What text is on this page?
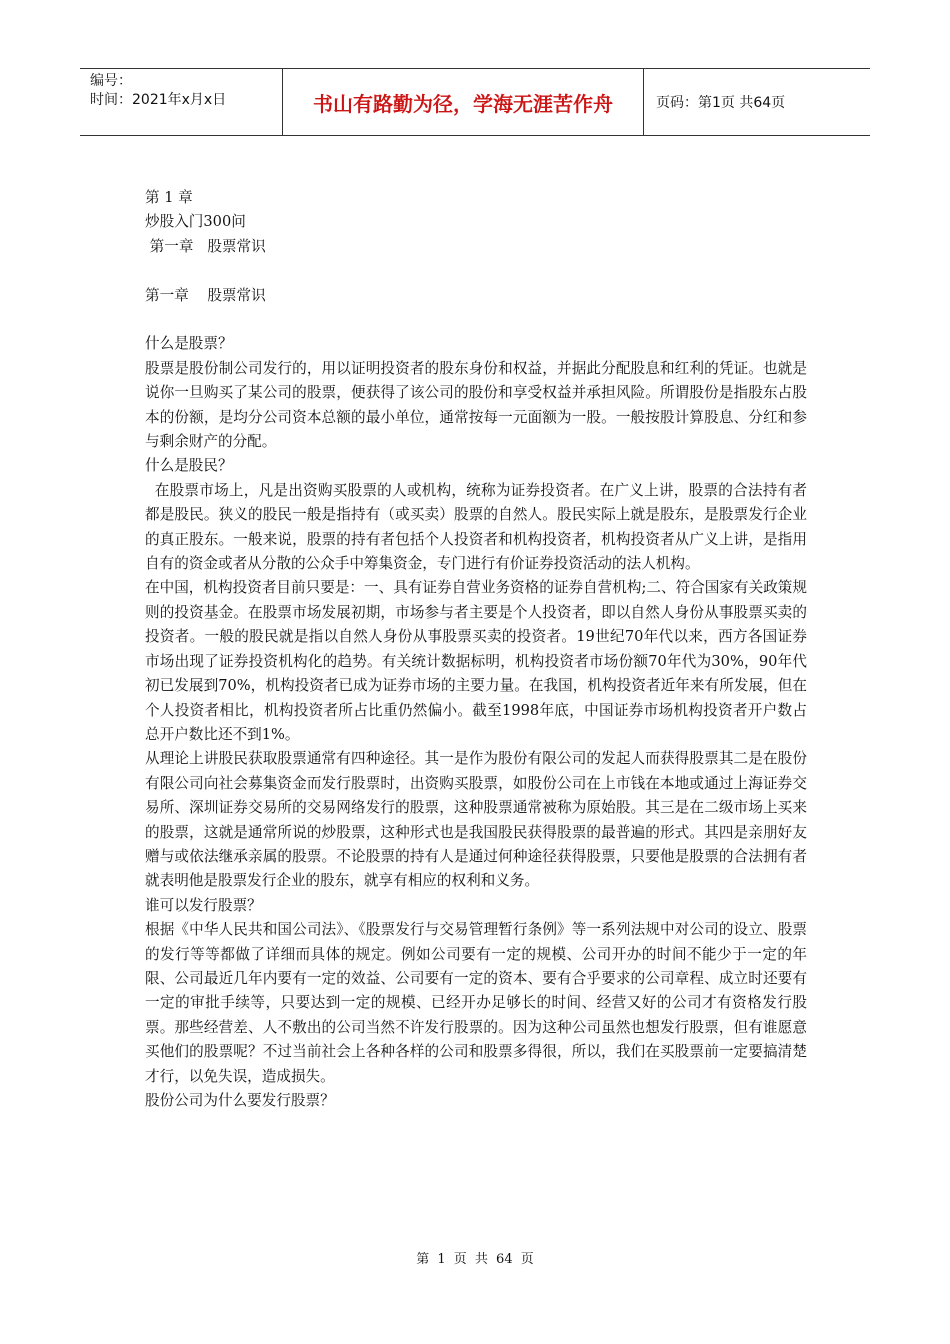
编号：
时间：2021年x月x日	书山有路勤为径，学海无涯苦作舟	页码：第1页 共64页

第 1 章

炒股入门300问

第一章   股票常识

第一章    股票常识

什么是股票？

股票是股份制公司发行的，用以证明投资者的股东身份和权益，并据此分配股息和红利的凭证。也就是说你一旦购买了某公司的股票，便获得了该公司的股份和享受权益并承担风险。所谓股份是指股东占股本的份额，是均分公司资本总额的最小单位，通常按每一元面额为一股。一般按股计算股息、分红和参与剩余财产的分配。

什么是股民？

在股票市场上，凡是出资购买股票的人或机构，统称为证券投资者。在广义上讲，股票的合法持有者都是股民。狭义的股民一般是指持有（或买卖）股票的自然人。股民实际上就是股东，是股票发行企业的真正股东。一般来说，股票的持有者包括个人投资者和机构投资者，机构投资者从广义上讲，是指用自有的资金或者从分散的公众手中筹集资金，专门进行有价证券投资活动的法人机构。

在中国，机构投资者目前只要是：一、具有证券自营业务资格的证券自营机构;二、符合国家有关政策规则的投资基金。在股票市场发展初期，市场参与者主要是个人投资者，即以自然人身份从事股票买卖的投资者。一般的股民就是指以自然人身份从事股票买卖的投资者。19世纪70年代以来，西方各国证券市场出现了证券投资机构化的趋势。有关统计数据标明，机构投资者市场份额70年代为30%，90年代初已发展到70%，机构投资者已成为证券市场的主要力量。在我国，机构投资者近年来有所发展，但在个人投资者相比，机构投资者所占比重仍然偏小。截至1998年底，中国证券市场机构投资者开户数占总开户数比还不到1%。

从理论上讲股民获取股票通常有四种途径。其一是作为股份有限公司的发起人而获得股票其二是在股份有限公司向社会募集资金而发行股票时，出资购买股票，如股份公司在上市钱在本地或通过上海证券交易所、深圳证券交易所的交易网络发行的股票，这种股票通常被称为原始股。其三是在二级市场上买来的股票，这就是通常所说的炒股票，这种形式也是我国股民获得股票的最普遍的形式。其四是亲朋好友赠与或依法继承亲属的股票。不论股票的持有人是通过何种途径获得股票，只要他是股票的合法拥有者就表明他是股票发行企业的股东，就享有相应的权利和义务。

谁可以发行股票？

根据《中华人民共和国公司法》、《股票发行与交易管理暂行条例》等一系列法规中对公司的设立、股票的发行等等都做了详细而具体的规定。例如公司要有一定的规模、公司开办的时间不能少于一定的年限、公司最近几年内要有一定的效益、公司要有一定的资本、要有合乎要求的公司章程、成立时还要有一定的审批手续等，只要达到一定的规模、已经开办足够长的时间、经营又好的公司才有资格发行股票。那些经营差、人不敷出的公司当然不许发行股票的。因为这种公司虽然也想发行股票，但有谁愿意买他们的股票呢？不过当前社会上各种各样的公司和股票多得很，所以，我们在买股票前一定要搞清楚才行，以免失误，造成损失。

股份公司为什么要发行股票？

第 1 页 共 64 页
